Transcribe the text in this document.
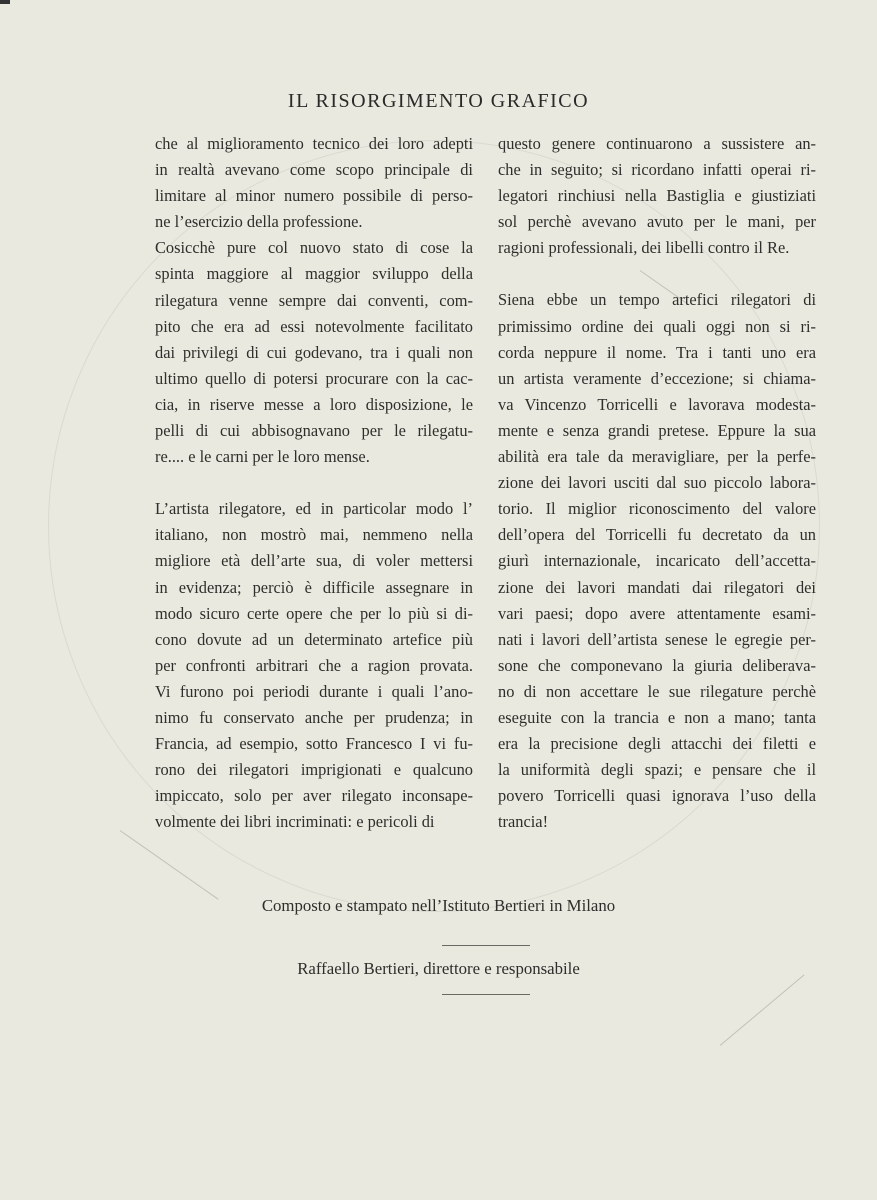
IL RISORGIMENTO GRAFICO
che al miglioramento tecnico dei loro adepti
in realtà avevano come scopo principale di
limitare al minor numero possibile di perso-
ne l’esercizio della professione.
Cosicchè pure col nuovo stato di cose la
spinta maggiore al maggior sviluppo della
rilegatura venne sempre dai conventi, com-
pito che era ad essi notevolmente facilitato
dai privilegi di cui godevano, tra i quali non
ultimo quello di potersi procurare con la cac-
cia, in riserve messe a loro disposizione, le
pelli di cui abbisognavano per le rilegatu-
re.... e le carni per le loro mense.
L’artista rilegatore, ed in particolar modo l’
italiano, non mostrò mai, nemmeno nella
migliore età dell’arte sua, di voler mettersi
in evidenza; perciò è difficile assegnare in
modo sicuro certe opere che per lo più si di-
cono dovute ad un determinato artefice più
per confronti arbitrari che a ragion provata.
Vi furono poi periodi durante i quali l’ano-
nimo fu conservato anche per prudenza; in
Francia, ad esempio, sotto Francesco I vi fu-
rono dei rilegatori imprigionati e qualcuno
impiccato, solo per aver rilegato inconsape-
volmente dei libri incriminati: e pericoli di
questo genere continuarono a sussistere an-
che in seguito; si ricordano infatti operai ri-
legatori rinchiusi nella Bastiglia e giustiziati
sol perchè avevano avuto per le mani, per
ragioni professionali, dei libelli contro il Re.
Siena ebbe un tempo artefici rilegatori di
primissimo ordine dei quali oggi non si ri-
corda neppure il nome. Tra i tanti uno era
un artista veramente d’eccezione; si chiama-
va Vincenzo Torricelli e lavorava modesta-
mente e senza grandi pretese. Eppure la sua
abilità era tale da meravigliare, per la perfe-
zione dei lavori usciti dal suo piccolo labora-
torio. Il miglior riconoscimento del valore
dell’opera del Torricelli fu decretato da un
giurì internazionale, incaricato dell’accetta-
zione dei lavori mandati dai rilegatori dei
vari paesi; dopo avere attentamente esami-
nati i lavori dell’artista senese le egregie per-
sone che componevano la giuria deliberava-
no di non accettare le sue rilegature perchè
eseguite con la trancia e non a mano; tanta
era la precisione degli attacchi dei filetti e
la uniformità degli spazi; e pensare che il
povero Torricelli quasi ignorava l’uso della
trancia!
Composto e stampato nell’Istituto Bertieri in Milano
Raffaello Bertieri, direttore e responsabile
